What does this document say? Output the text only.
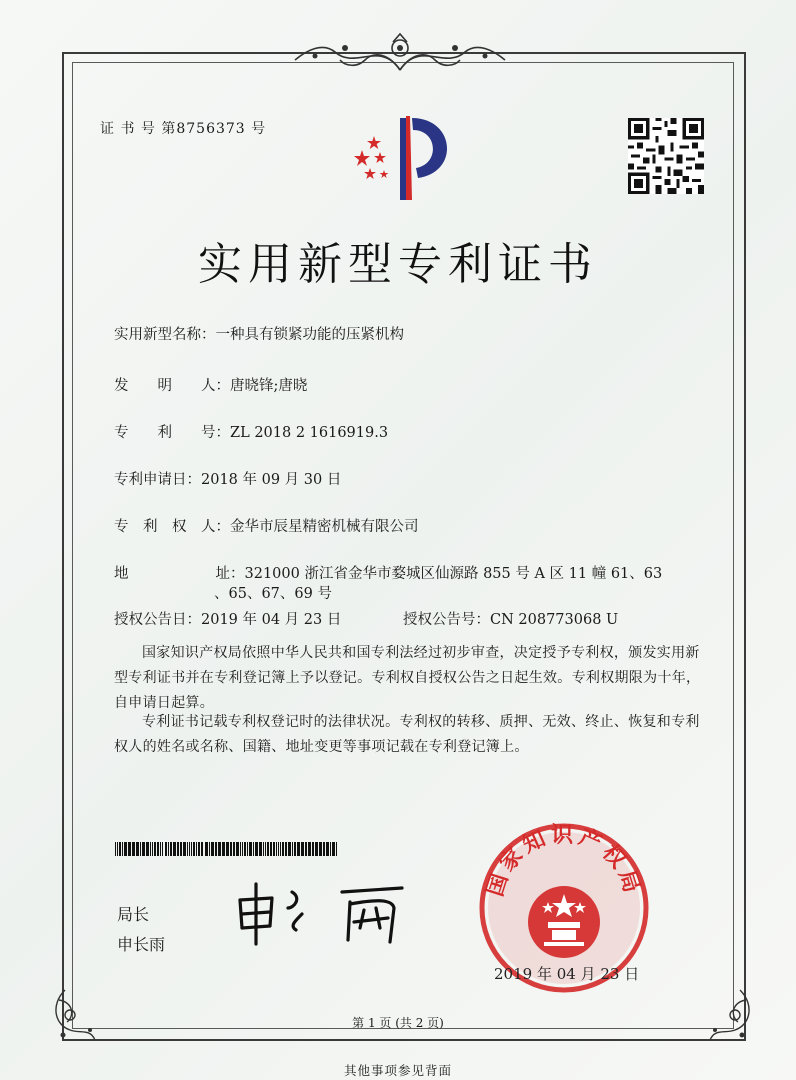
证 书 号 第8756373 号
实用新型专利证书
实用新型名称：一种具有锁紧功能的压紧机构
发　　明　　人：唐晓锋;唐晓
专　　利　　号：ZL 2018 2 1616919.3
专利申请日：2018 年 09 月 30 日
专　利　权　人：金华市辰星精密机械有限公司
地　　　　　　址：321000 浙江省金华市婺城区仙源路 855 号 A 区 11 幢 61、63
、65、67、69 号
授权公告日：2019 年 04 月 23 日	授权公告号：CN 208773068 U
国家知识产权局依照中华人民共和国专利法经过初步审查，决定授予专利权，颁发实用新型专利证书并在专利登记簿上予以登记。专利权自授权公告之日起生效。专利权期限为十年，自申请日起算。
专利证书记载专利权登记时的法律状况。专利权的转移、质押、无效、终止、恢复和专利权人的姓名或名称、国籍、地址变更等事项记载在专利登记簿上。
局长
申长雨
国家知识产权局
2019 年 04 月 23 日
第 1 页 (共 2 页)
其他事项参见背面
